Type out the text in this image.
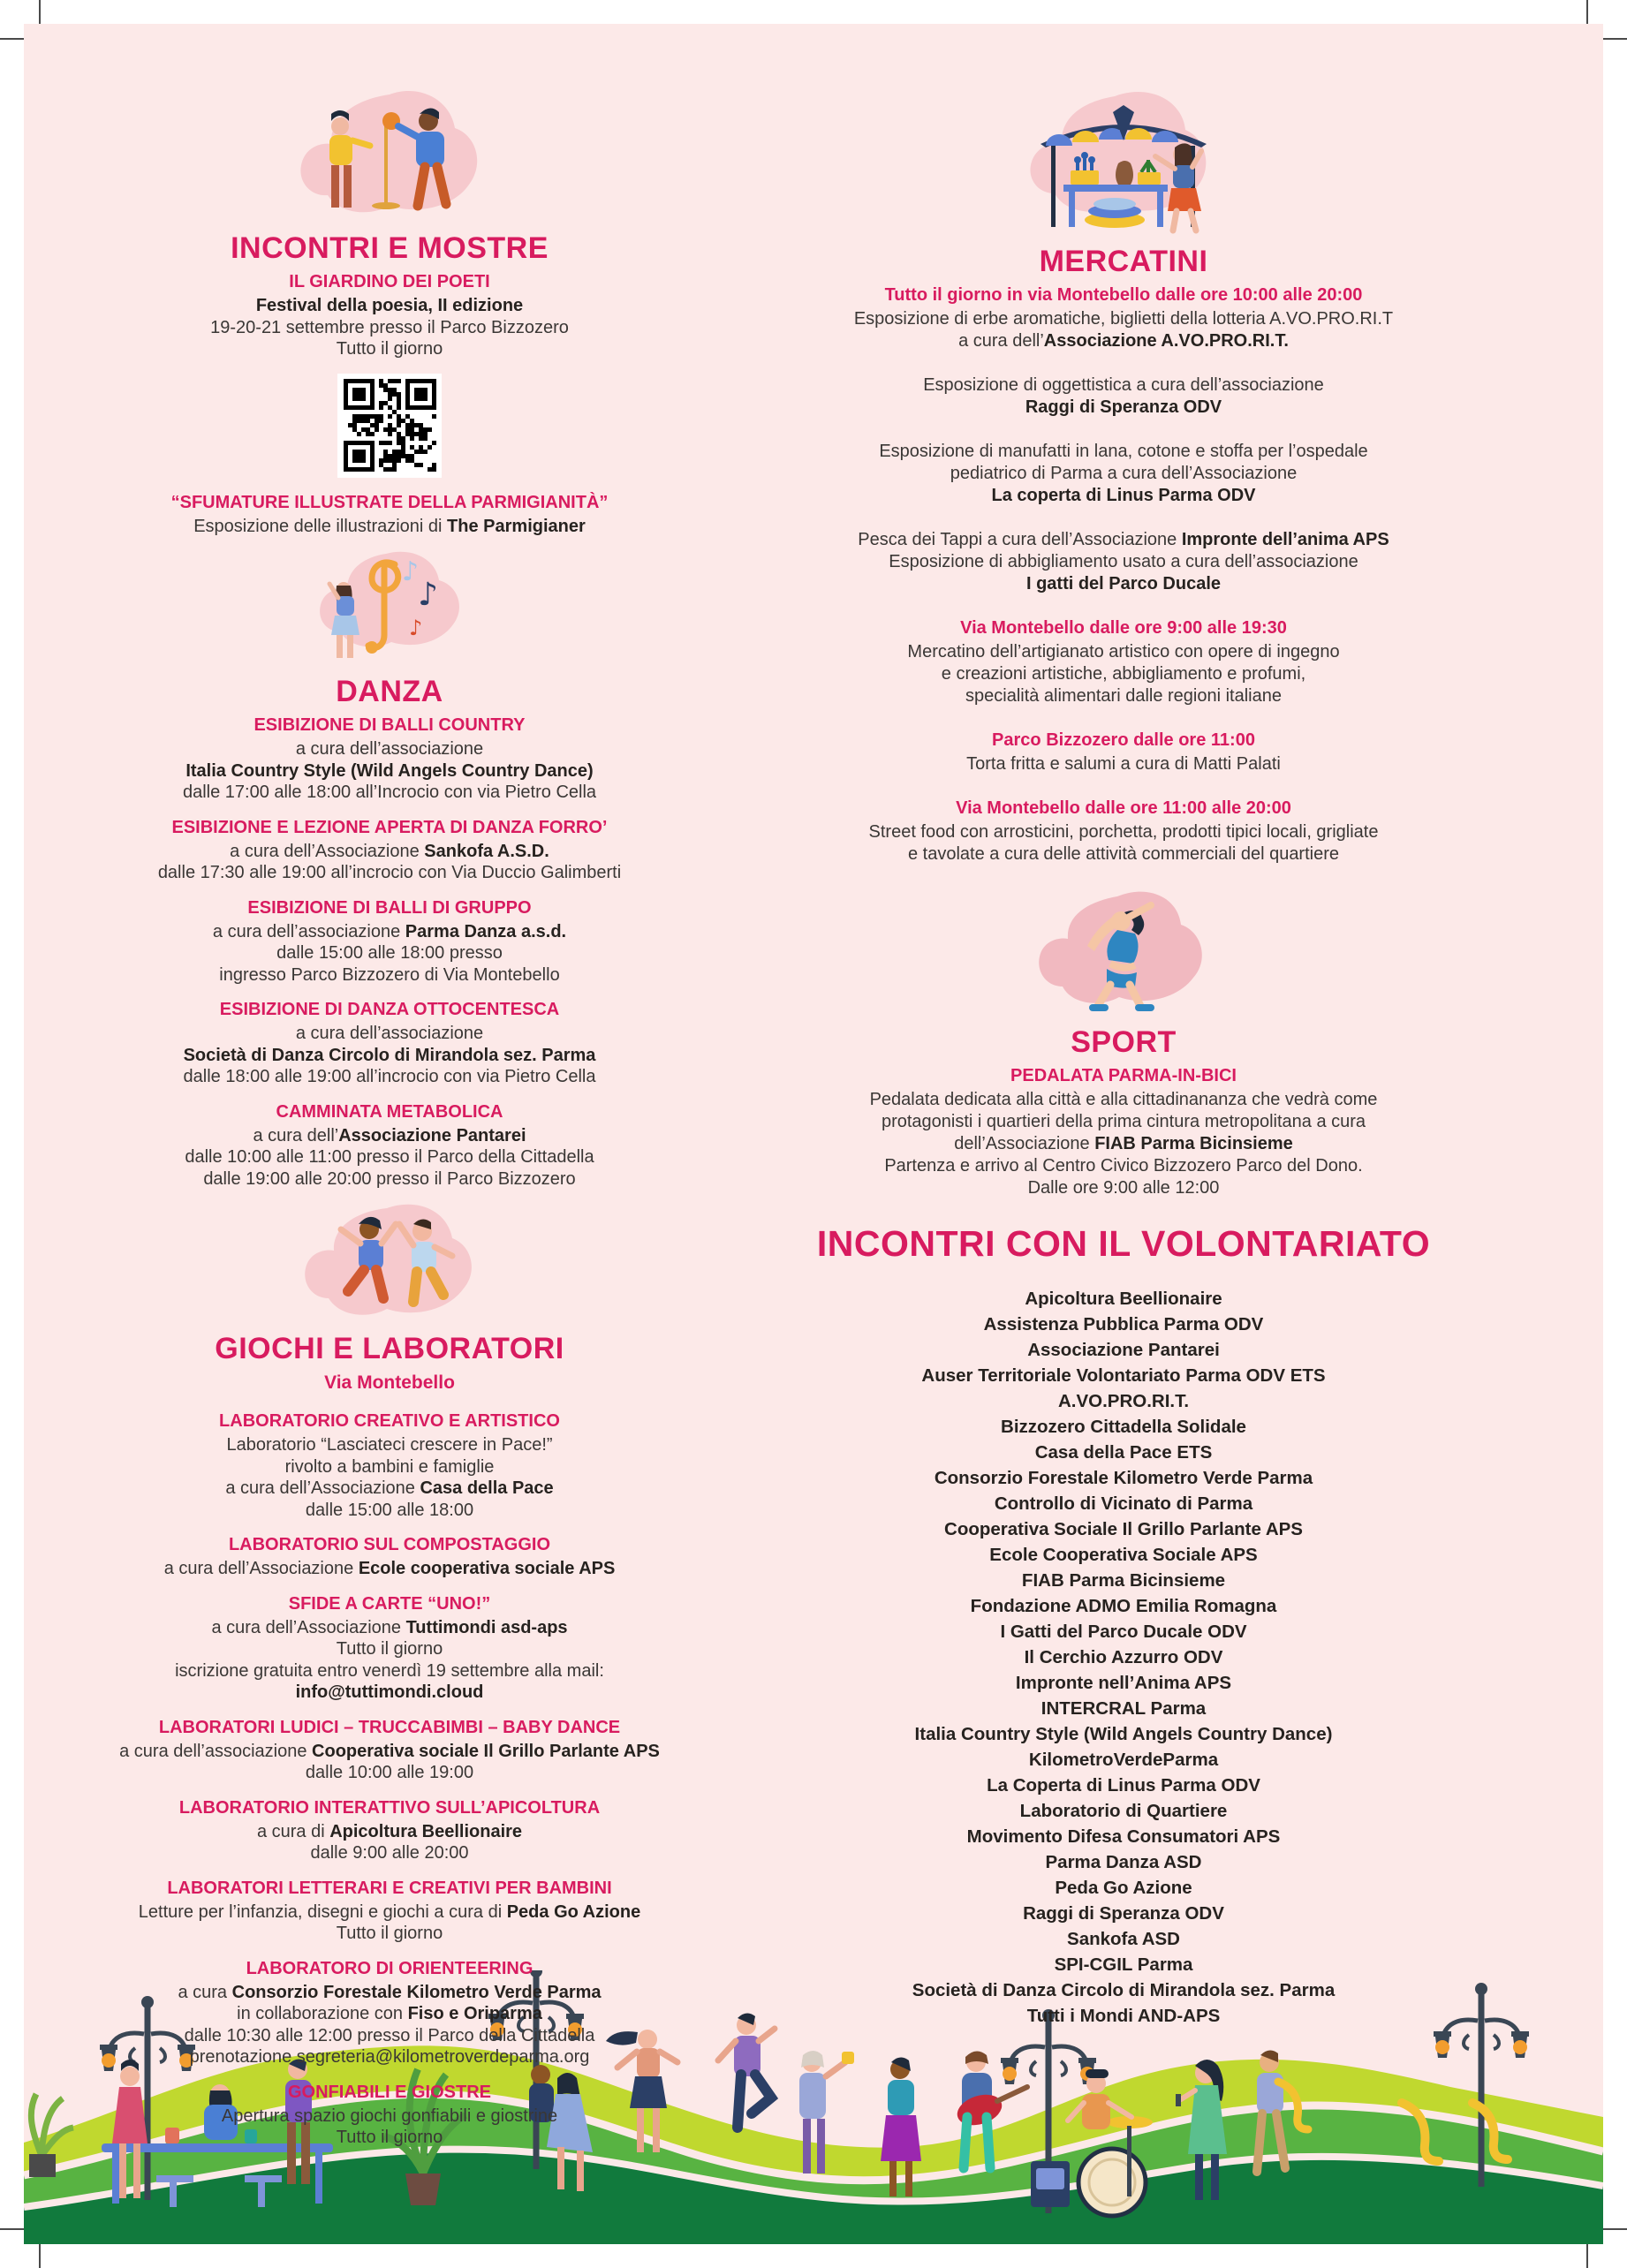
INCONTRI E MOSTRE
IL GIARDINO DEI POETI
Festival della poesia, II edizione
19-20-21 settembre presso il Parco Bizzozero
Tutto il giorno
“SFUMATURE ILLUSTRATE DELLA PARMIGIANITÀ”
Esposizione delle illustrazioni di The Parmigianer
♪
♪
♪
DANZA
ESIBIZIONE DI BALLI COUNTRY
a cura dell’associazione
Italia Country Style (Wild Angels Country Dance)
dalle 17:00 alle 18:00 all’Incrocio con via Pietro Cella
ESIBIZIONE E LEZIONE APERTA DI DANZA FORRO’
a cura dell’Associazione Sankofa A.S.D.
dalle 17:30 alle 19:00 all’incrocio con Via Duccio Galimberti
ESIBIZIONE DI BALLI DI GRUPPO
a cura dell’associazione Parma Danza a.s.d.
dalle 15:00 alle 18:00 presso
ingresso Parco Bizzozero di Via Montebello
ESIBIZIONE DI DANZA OTTOCENTESCA
a cura dell’associazione
Società di Danza Circolo di Mirandola sez. Parma
dalle 18:00 alle 19:00 all’incrocio con via Pietro Cella
CAMMINATA METABOLICA
a cura dell’Associazione Pantarei
dalle 10:00 alle 11:00 presso il Parco della Cittadella
dalle 19:00 alle 20:00 presso il Parco Bizzozero
GIOCHI E LABORATORI
Via Montebello
LABORATORIO CREATIVO E ARTISTICO
Laboratorio “Lasciateci crescere in Pace!”
rivolto a bambini e famiglie
a cura dell’Associazione Casa della Pace
dalle 15:00 alle 18:00
LABORATORIO SUL COMPOSTAGGIO
a cura dell’Associazione Ecole cooperativa sociale APS
SFIDE A CARTE “UNO!”
a cura dell’Associazione Tuttimondi asd-aps
Tutto il giorno
iscrizione gratuita entro venerdì 19 settembre alla mail:
info@tuttimondi.cloud
LABORATORI LUDICI – TRUCCABIMBI – BABY DANCE
a cura dell’associazione Cooperativa sociale Il Grillo Parlante APS
dalle 10:00 alle 19:00
LABORATORIO INTERATTIVO SULL’APICOLTURA
a cura di Apicoltura Beellionaire
dalle 9:00 alle 20:00
LABORATORI LETTERARI E CREATIVI PER BAMBINI
Letture per l’infanzia, disegni e giochi a cura di Peda Go Azione
Tutto il giorno
LABORATORO DI ORIENTEERING
a cura Consorzio Forestale Kilometro Verde Parma
in collaborazione con Fiso e Oriparma
dalle 10:30 alle 12:00 presso il Parco della Cittadella
prenotazione segreteria@kilometroverdeparma.org
GONFIABILI E GIOSTRE
Apertura spazio giochi gonfiabili e giostrine
Tutto il giorno
MERCATINI
Tutto il giorno in via Montebello dalle ore 10:00 alle 20:00
Esposizione di erbe aromatiche, biglietti della lotteria A.VO.PRO.RI.T
a cura dell’Associazione A.VO.PRO.RI.T.
Esposizione di oggettistica a cura dell’associazione
Raggi di Speranza ODV
Esposizione di manufatti in lana, cotone e stoffa per l’ospedale
pediatrico di Parma a cura dell’Associazione
La coperta di Linus Parma ODV
Pesca dei Tappi a cura dell’Associazione Impronte dell’anima APS
Esposizione di abbigliamento usato a cura dell’associazione
I gatti del Parco Ducale
Via Montebello dalle ore 9:00 alle 19:30
Mercatino dell’artigianato artistico con opere di ingegno
e creazioni artistiche, abbigliamento e profumi,
specialità alimentari dalle regioni italiane
Parco Bizzozero dalle ore 11:00
Torta fritta e salumi a cura di Matti Palati
Via Montebello dalle ore 11:00 alle 20:00
Street food con arrosticini, porchetta, prodotti tipici locali, grigliate
e tavolate a cura delle attività commerciali del quartiere
SPORT
PEDALATA PARMA-IN-BICI
Pedalata dedicata alla città e alla cittadinananza che vedrà come
protagonisti i quartieri della prima cintura metropolitana a cura
dell’Associazione FIAB Parma Bicinsieme
Partenza e arrivo al Centro Civico Bizzozero Parco del Dono.
Dalle ore 9:00 alle 12:00
INCONTRI CON IL VOLONTARIATO
Apicoltura Beellionaire
Assistenza Pubblica Parma ODV
Associazione Pantarei
Auser Territoriale Volontariato Parma ODV ETS
A.VO.PRO.RI.T.
Bizzozero Cittadella Solidale
Casa della Pace ETS
Consorzio Forestale Kilometro Verde Parma
Controllo di Vicinato di Parma
Cooperativa Sociale Il Grillo Parlante APS
Ecole Cooperativa Sociale APS
FIAB Parma Bicinsieme
Fondazione ADMO Emilia Romagna
I Gatti del Parco Ducale ODV
Il Cerchio Azzurro ODV
Impronte nell’Anima APS
INTERCRAL Parma
Italia Country Style (Wild Angels Country Dance)
KilometroVerdeParma
La Coperta di Linus Parma ODV
Laboratorio di Quartiere
Movimento Difesa Consumatori APS
Parma Danza ASD
Peda Go Azione
Raggi di Speranza ODV
Sankofa ASD
SPI-CGIL Parma
Società di Danza Circolo di Mirandola sez. Parma
Tutti i Mondi AND-APS
